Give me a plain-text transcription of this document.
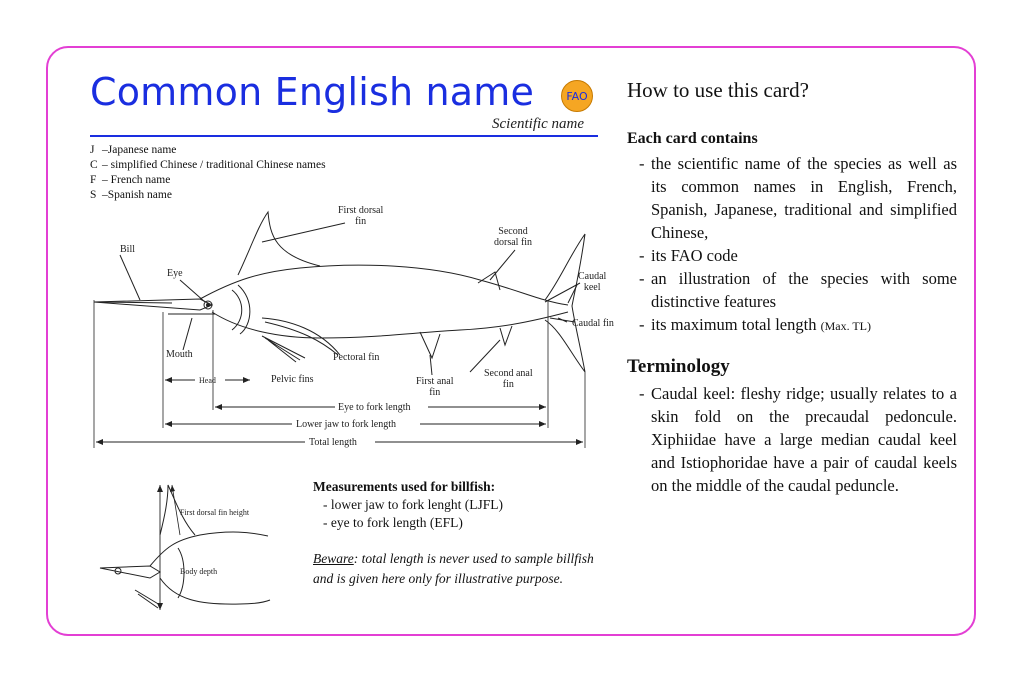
Common English name	FAO
Scientific name
J –Japanese name
C – simplified Chinese / traditional Chinese names
F – French name
S –Spanish name
First dorsal
fin
Second
dorsal fin
Bill
Eye	Caudal
keel
Caudal fin
Mouth	Pectoral fin
Second anal
fin
First anal
fin
Head	Pelvic fins
Eye to fork length
Lower jaw to fork length
Total length
First dorsal fin height
Body depth
Measurements used for billfish:
- lower jaw to fork lenght (LJFL)
- eye to fork length (EFL)
Beware: total length is never used to sample billfish and is given here only for illustrative purpose.
How to use this card?
Each card contains
- the scientific name of the species as well as its common names in English, French, Spanish, Japanese, traditional and simplified Chinese,
- its FAO code
- an illustration of the species with some distinctive features
- its maximum total length (Max. TL)
Terminology
- Caudal keel: fleshy ridge; usually relates to a skin fold on the precaudal pedoncule. Xiphiidae have a large median caudal keel and Istiophoridae have a pair of caudal keels on the middle of the caudal peduncle.
